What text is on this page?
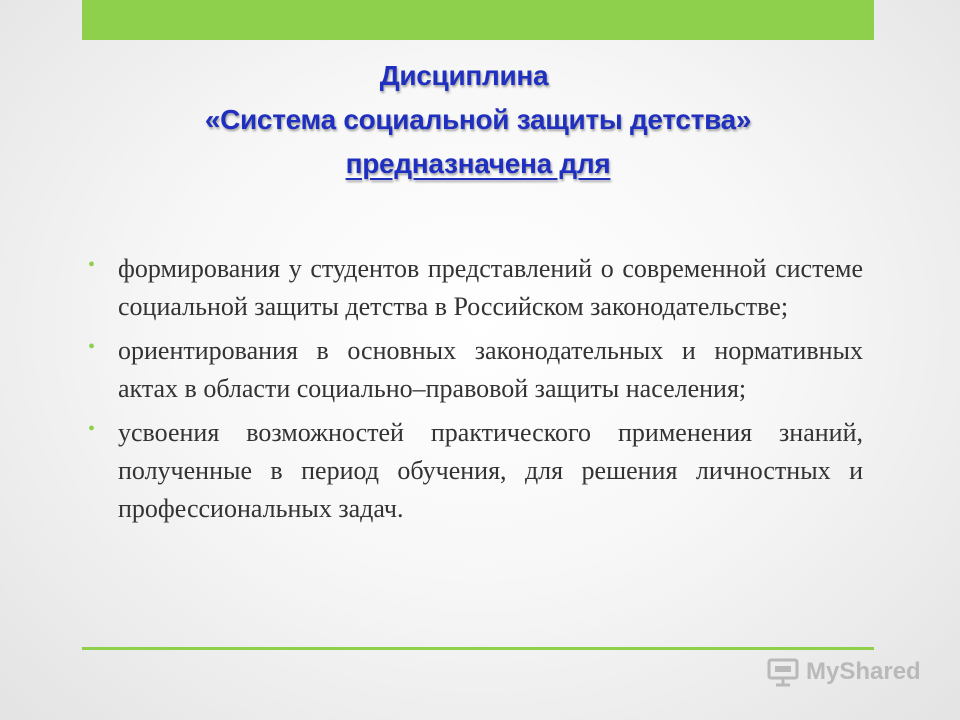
Дисциплина
«Система социальной защиты детства»
предназначена для
• формирования у студентов представлений о современной системе социальной защиты детства в Российском законодательстве;
• ориентирования в основных законодательных и нормативных актах в области социально–правовой защиты населения;
• усвоения возможностей практического применения знаний, полученные в период обучения, для решения личностных и профессиональных задач.
MyShared
